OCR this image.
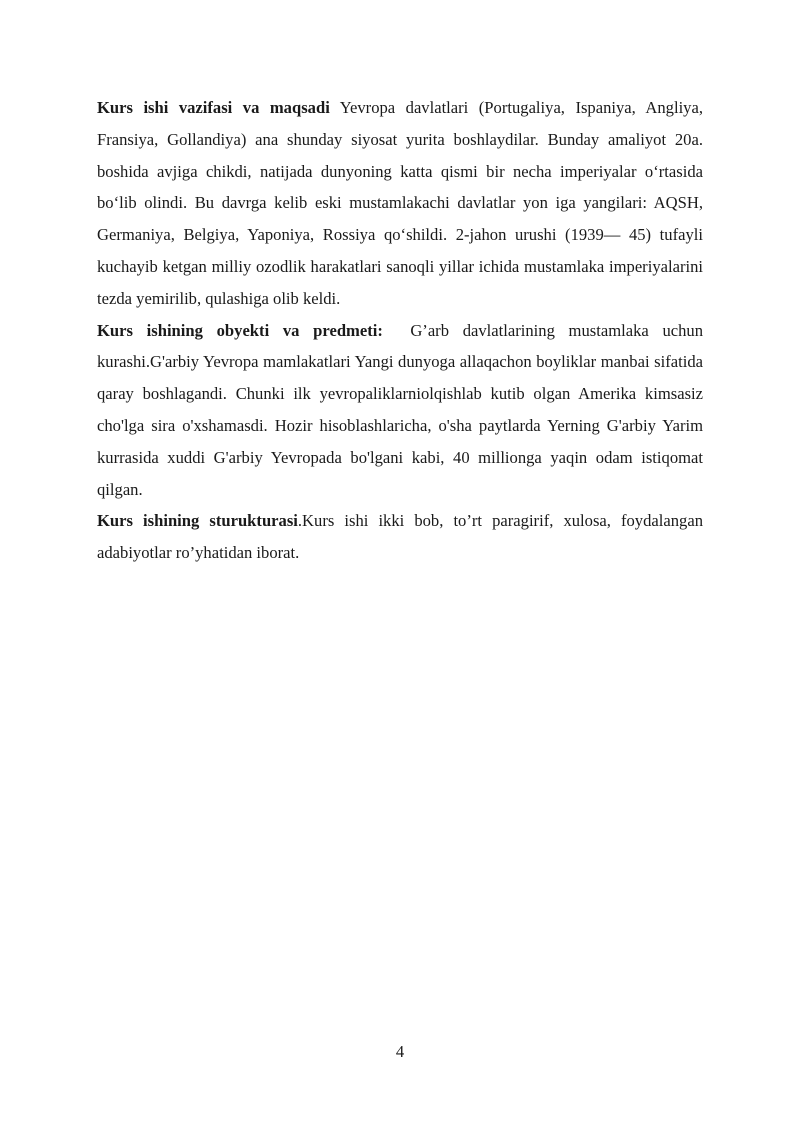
Kurs ishi vazifasi va maqsadi Yevropa davlatlari (Portugaliya, Ispaniya, Angliya, Fransiya, Gollandiya) ana shunday siyosat yurita boshlaydilar. Bunday amaliyot 20a. boshida avjiga chikdi, natijada dunyoning katta qismi bir necha imperiyalar oʻrtasida boʻlib olindi. Bu davrga kelib eski mustamlakachi davlatlar yon iga yangilari: AQSH, Germaniya, Belgiya, Yaponiya, Rossiya qoʻshildi. 2-jahon urushi (1939— 45) tufayli kuchayib ketgan milliy ozodlik harakatlari sanoqli yillar ichida mustamlaka imperiyalarini tezda yemirilib, qulashiga olib keldi.

Kurs ishining obyekti va predmeti: G’arb davlatlarining mustamlaka uchun kurashi.G'arbiy Yevropa mamlakatlari Yangi dunyoga allaqachon boyliklar manbai sifatida qaray boshlagandi. Chunki ilk yevropaliklarniolqishlab kutib olgan Amerika kimsasiz cho'lga sira o'xshamasdi. Hozir hisoblashlaricha, o'sha paytlarda Yerning G'arbiy Yarim kurrasida xuddi G'arbiy Yevropada bo'lgani kabi, 40 millionga yaqin odam istiqomat qilgan.

Kurs ishining sturukturasi.Kurs ishi ikki bob, to’rt paragirif, xulosa, foydalangan adabiyotlar ro’yhatidan iborat.

4
